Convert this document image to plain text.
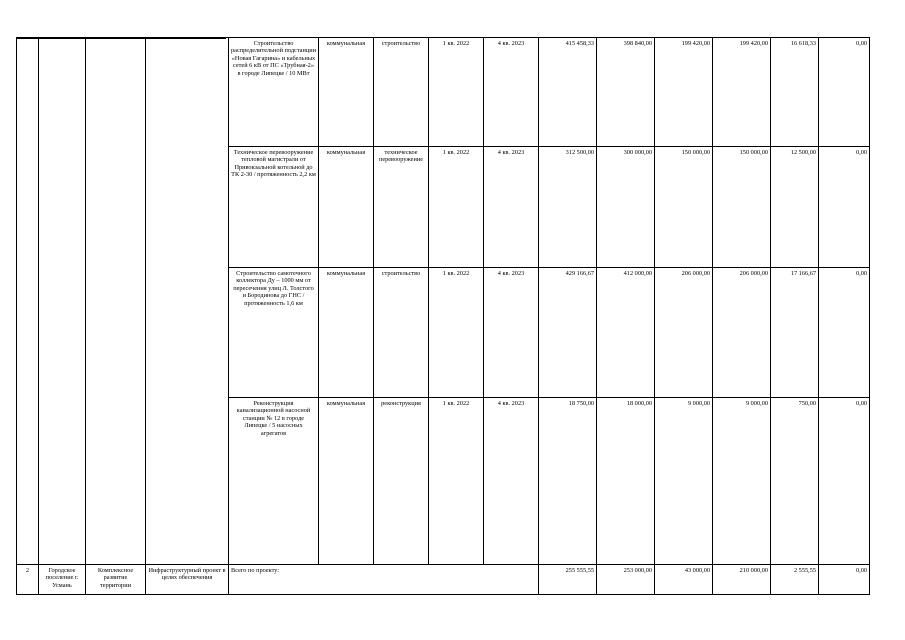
				Строительство распределительной подстанции «Новая Гагарина» и кабельных сетей 6 кВ от ПС «Трубная-2» в городе Липецке / 10 МВт	коммунальная	строительство	1 кв. 2022	4 кв. 2023	415 458,33	398 840,00	199 420,00	199 420,00	16 618,33	0,00
				Техническое перевооружение тепловой магистрали от Привокзальной котельной до ТК 2-30 / протяженность 2,2 км	коммунальная	техническое перевооружение	1 кв. 2022	4 кв. 2023	312 500,00	300 000,00	150 000,00	150 000,00	12 500,00	0,00
				Строительство самотечного коллектора Ду – 1000 мм от пересечения улиц Л. Толстого и Бородинова до ГНС / протяженность 1,6 км	коммунальная	строительство	1 кв. 2022	4 кв. 2023	429 166,67	412 000,00	206 000,00	206 000,00	17 166,67	0,00
				Реконструкция канализационной насосной станции № 12 в городе Липецке / 5 насосных агрегатов	коммунальная	реконструкция	1 кв. 2022	4 кв. 2023	18 750,00	18 000,00	9 000,00	9 000,00	750,00	0,00
2	Городское поселение г. Усмань	Комплексное развитие территории	Инфраструктурный проект в целях обеспечения	Всего по проекту:					255 555,55	253 000,00	43 000,00	210 000,00	2 555,55	0,00
